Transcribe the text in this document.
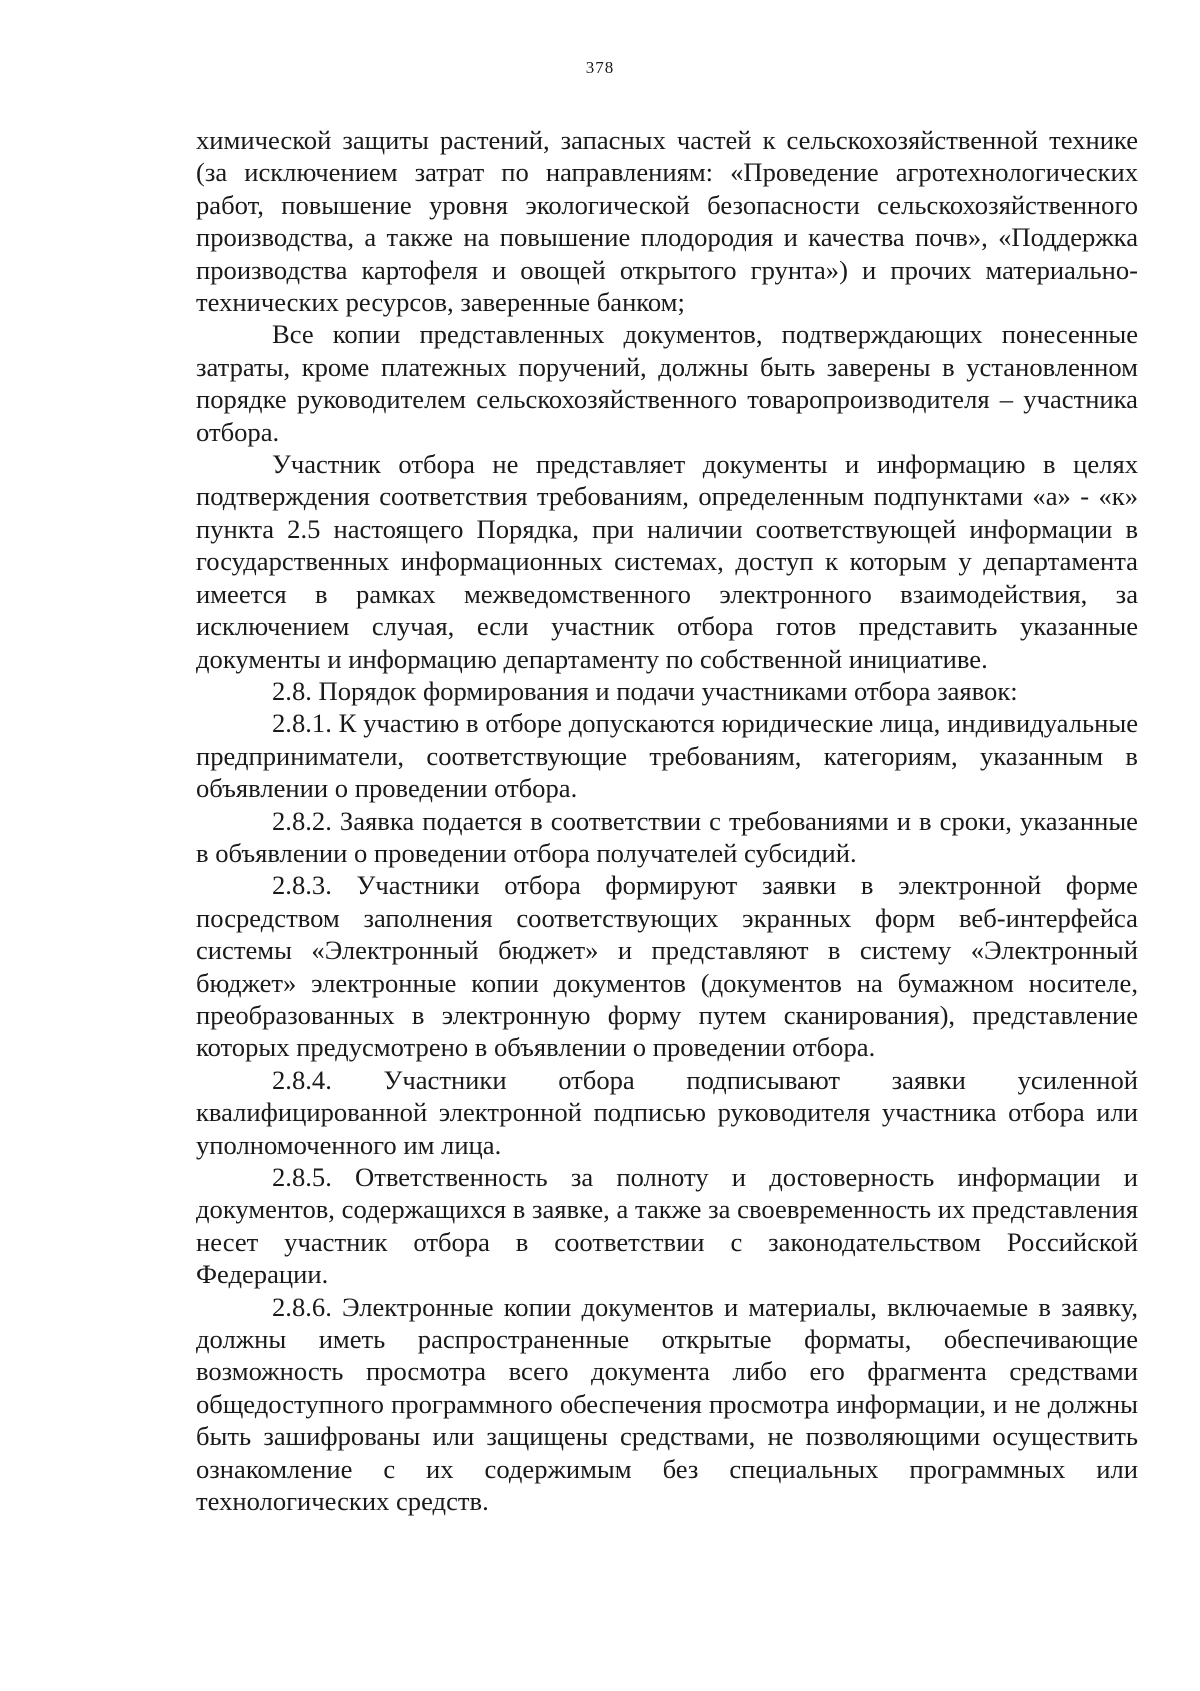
378

химической защиты растений, запасных частей к сельскохозяйственной технике (за исключением затрат по направлениям: «Проведение агротехнологических работ, повышение уровня экологической безопасности сельскохозяйственного производства, а также на повышение плодородия и качества почв», «Поддержка производства картофеля и овощей открытого грунта») и прочих материально-технических ресурсов, заверенные банком;

Все копии представленных документов, подтверждающих понесенные затраты, кроме платежных поручений, должны быть заверены в установленном порядке руководителем сельскохозяйственного товаропроизводителя – участника отбора.

Участник отбора не представляет документы и информацию в целях подтверждения соответствия требованиям, определенным подпунктами «а» - «к» пункта 2.5 настоящего Порядка, при наличии соответствующей информации в государственных информационных системах, доступ к которым у департамента имеется в рамках межведомственного электронного взаимодействия, за исключением случая, если участник отбора готов представить указанные документы и информацию департаменту по собственной инициативе.

2.8. Порядок формирования и подачи участниками отбора заявок:

2.8.1. К участию в отборе допускаются юридические лица, индивидуальные предприниматели, соответствующие требованиям, категориям, указанным в объявлении о проведении отбора.

2.8.2. Заявка подается в соответствии с требованиями и в сроки, указанные в объявлении о проведении отбора получателей субсидий.

2.8.3. Участники отбора формируют заявки в электронной форме посредством заполнения соответствующих экранных форм веб-интерфейса системы «Электронный бюджет» и представляют в систему «Электронный бюджет» электронные копии документов (документов на бумажном носителе, преобразованных в электронную форму путем сканирования), представление которых предусмотрено в объявлении о проведении отбора.

2.8.4. Участники отбора подписывают заявки усиленной квалифицированной электронной подписью руководителя участника отбора или уполномоченного им лица.

2.8.5. Ответственность за полноту и достоверность информации и документов, содержащихся в заявке, а также за своевременность их представления несет участник отбора в соответствии с законодательством Российской Федерации.

2.8.6. Электронные копии документов и материалы, включаемые в заявку, должны иметь распространенные открытые форматы, обеспечивающие возможность просмотра всего документа либо его фрагмента средствами общедоступного программного обеспечения просмотра информации, и не должны быть зашифрованы или защищены средствами, не позволяющими осуществить ознакомление с их содержимым без специальных программных или технологических средств.
